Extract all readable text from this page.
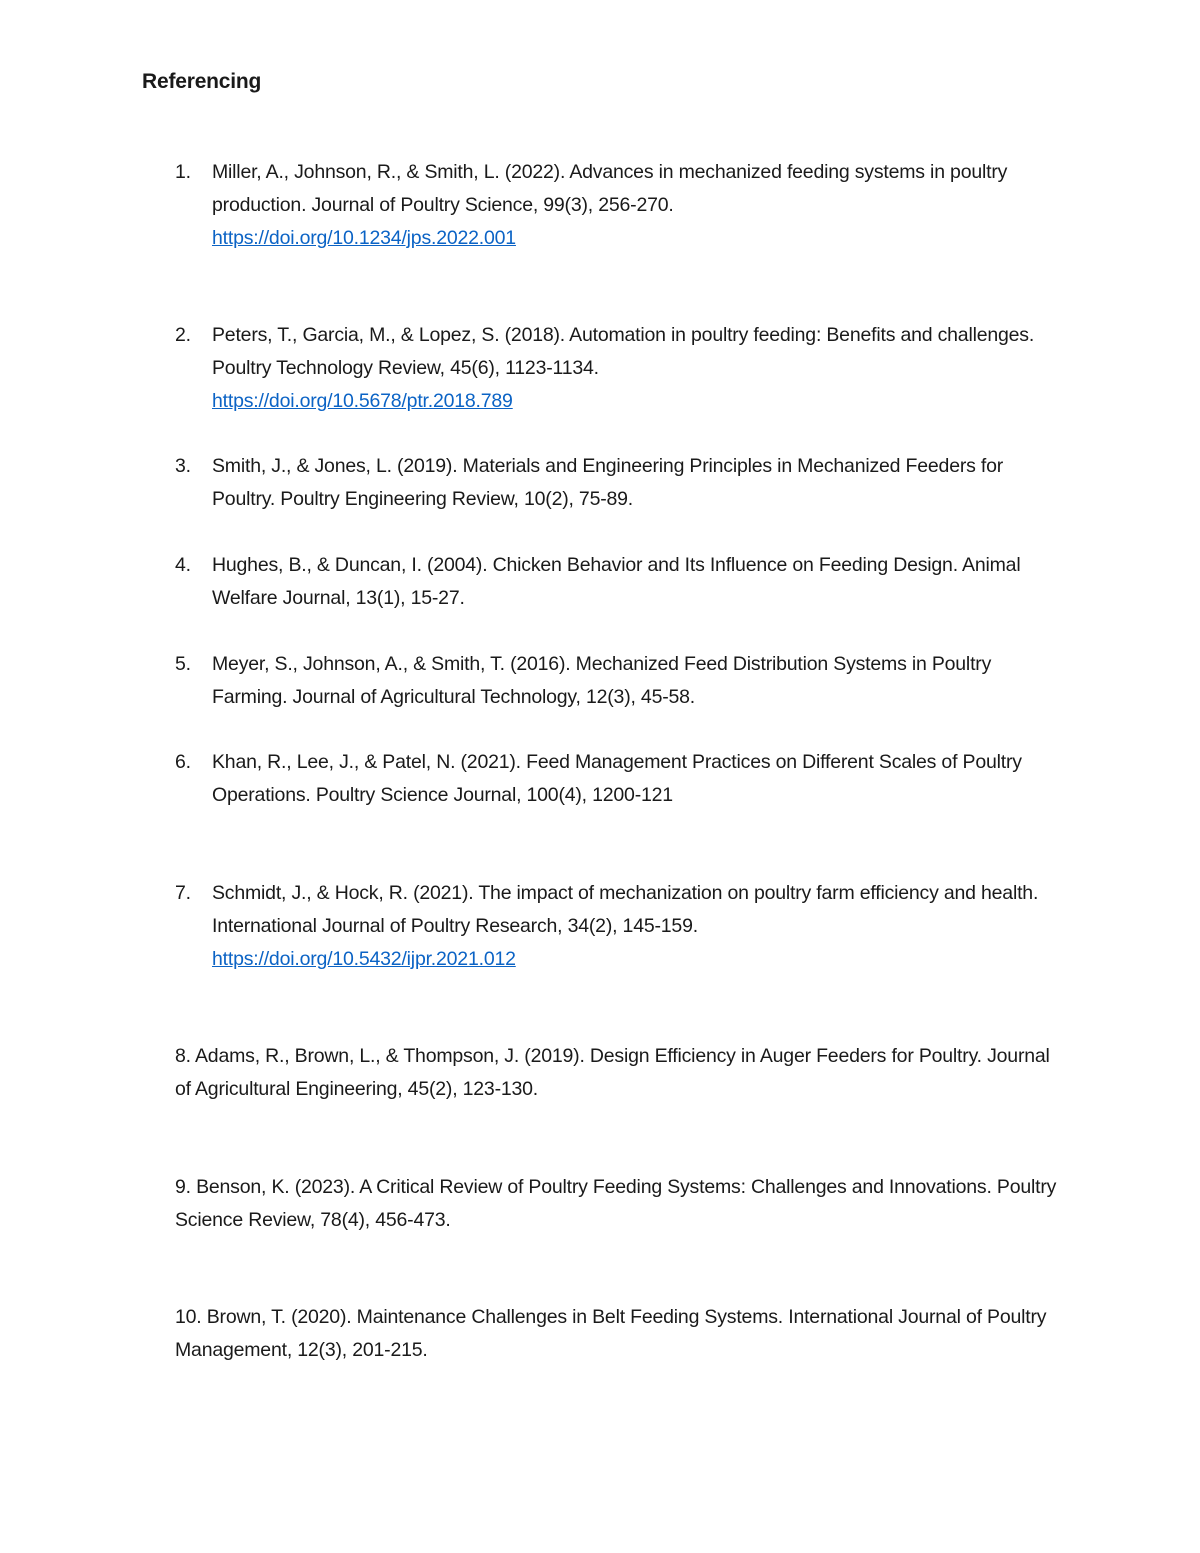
Referencing
1. Miller, A., Johnson, R., & Smith, L. (2022). Advances in mechanized feeding systems in poultry production. Journal of Poultry Science, 99(3), 256-270.
https://doi.org/10.1234/jps.2022.001
2. Peters, T., Garcia, M., & Lopez, S. (2018). Automation in poultry feeding: Benefits and challenges. Poultry Technology Review, 45(6), 1123-1134.
https://doi.org/10.5678/ptr.2018.789
3. Smith, J., & Jones, L. (2019). Materials and Engineering Principles in Mechanized Feeders for Poultry. Poultry Engineering Review, 10(2), 75-89.
4. Hughes, B., & Duncan, I. (2004). Chicken Behavior and Its Influence on Feeding Design. Animal Welfare Journal, 13(1), 15-27.
5. Meyer, S., Johnson, A., & Smith, T. (2016). Mechanized Feed Distribution Systems in Poultry Farming. Journal of Agricultural Technology, 12(3), 45-58.
6. Khan, R., Lee, J., & Patel, N. (2021). Feed Management Practices on Different Scales of Poultry Operations. Poultry Science Journal, 100(4), 1200-121
7. Schmidt, J., & Hock, R. (2021). The impact of mechanization on poultry farm efficiency and health. International Journal of Poultry Research, 34(2), 145-159.
https://doi.org/10.5432/ijpr.2021.012
8. Adams, R., Brown, L., & Thompson, J. (2019). Design Efficiency in Auger Feeders for Poultry. Journal of Agricultural Engineering, 45(2), 123-130.
9. Benson, K. (2023). A Critical Review of Poultry Feeding Systems: Challenges and Innovations. Poultry Science Review, 78(4), 456-473.
10. Brown, T. (2020). Maintenance Challenges in Belt Feeding Systems. International Journal of Poultry Management, 12(3), 201-215.
